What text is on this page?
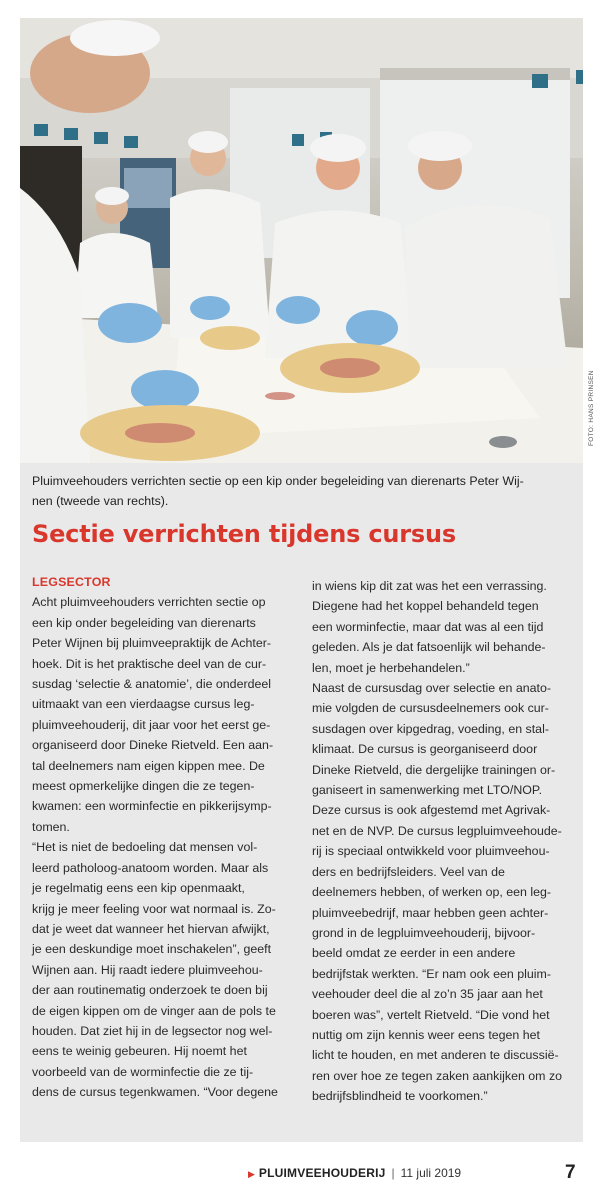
FOTO: HANS PRINSEN
Pluimveehouders verrichten sectie op een kip onder begeleiding van dierenarts Peter Wij-
nen (tweede van rechts).
Sectie verrichten tijdens cursus
LEGSECTOR
Acht pluimveehouders verrichten sectie op
een kip onder begeleiding van dierenarts
Peter Wijnen bij pluimveepraktijk de Achter-
hoek. Dit is het praktische deel van de cur-
susdag ‘selectie & anatomie’, die onderdeel
uitmaakt van een vierdaagse cursus leg-
pluimveehouderij, dit jaar voor het eerst ge-
organiseerd door Dineke Rietveld. Een aan-
tal deelnemers nam eigen kippen mee. De
meest opmerkelijke dingen die ze tegen-
kwamen: een worminfectie en pikkerijsymp-
tomen.
“Het is niet de bedoeling dat mensen vol-
leerd patholoog-anatoom worden. Maar als
je regelmatig eens een kip openmaakt,
krijg je meer feeling voor wat normaal is. Zo-
dat je weet dat wanneer het hiervan afwijkt,
je een deskundige moet inschakelen”, geeft
Wijnen aan. Hij raadt iedere pluimveehou-
der aan routinematig onderzoek te doen bij
de eigen kippen om de vinger aan de pols te
houden. Dat ziet hij in de legsector nog wel-
eens te weinig gebeuren. Hij noemt het
voorbeeld van de worminfectie die ze tij-
dens de cursus tegenkwamen. “Voor degene
in wiens kip dit zat was het een verrassing.
Diegene had het koppel behandeld tegen
een worminfectie, maar dat was al een tijd
geleden. Als je dat fatsoenlijk wil behande-
len, moet je herbehandelen.”
Naast de cursusdag over selectie en anato-
mie volgden de cursusdeelnemers ook cur-
susdagen over kipgedrag, voeding, en stal-
klimaat. De cursus is georganiseerd door
Dineke Rietveld, die dergelijke trainingen or-
ganiseert in samenwerking met LTO/NOP.
Deze cursus is ook afgestemd met Agrivak-
net en de NVP. De cursus legpluimveehoude-
rij is speciaal ontwikkeld voor pluimveehou-
ders en bedrijfsleiders. Veel van de
deelnemers hebben, of werken op, een leg-
pluimveebedrijf, maar hebben geen achter-
grond in de legpluimveehouderij, bijvoor-
beeld omdat ze eerder in een andere
bedrijfstak werkten. “Er nam ook een pluim-
veehouder deel die al zo’n 35 jaar aan het
boeren was”, vertelt Rietveld. “Die vond het
nuttig om zijn kennis weer eens tegen het
licht te houden, en met anderen te discussië-
ren over hoe ze tegen zaken aankijken om zo
bedrijfsblindheid te voorkomen.”
▶ PLUIMVEEHOUDERIJ | 11 juli 2019	7
